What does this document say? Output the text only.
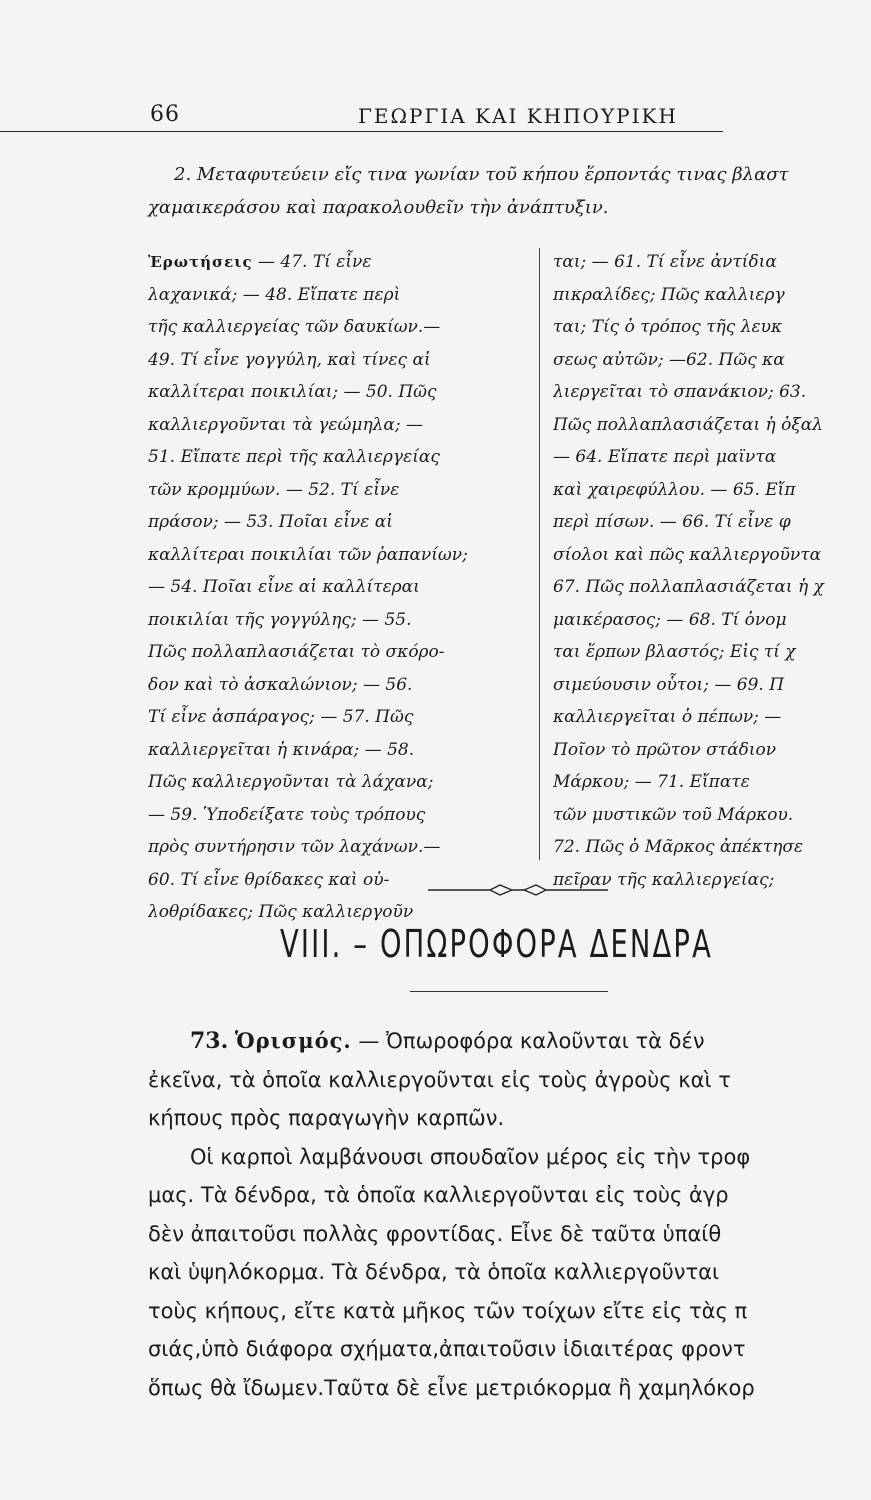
66	ΓΕΩΡΓΙΑ ΚΑΙ ΚΗΠΟΥΡΙΚΗ
2. Μεταφυτεύειν εἴς τινα γωνίαν τοῦ κήπου ἕρποντάς τινας βλαστ
χαμαικεράσου καὶ παρακολουθεῖν τὴν ἀνάπτυξιν.
Ἐρωτήσεις — 47. Τί εἶνε
λαχανικά; — 48. Εἴπατε περὶ
τῆς καλλιεργείας τῶν δαυκίων.—
49. Τί εἶνε γογγύλη, καὶ τίνες αἱ
καλλίτεραι ποικιλίαι; — 50. Πῶς
καλλιεργοῦνται τὰ γεώμηλα; —
51. Εἴπατε περὶ τῆς καλλιεργείας
τῶν κρομμύων. — 52. Τί εἶνε
πράσον; — 53. Ποῖαι εἶνε αἱ
καλλίτεραι ποικιλίαι τῶν ῥαπανίων;
— 54. Ποῖαι εἶνε αἱ καλλίτεραι
ποικιλίαι τῆς γογγύλης; — 55.
Πῶς πολλαπλασιάζεται τὸ σκόρο-
δον καὶ τὸ ἀσκαλώνιον; — 56.
Τί εἶνε ἀσπάραγος; — 57. Πῶς
καλλιεργεῖται ἡ κινάρα; — 58.
Πῶς καλλιεργοῦνται τὰ λάχανα;
— 59. Ὑποδείξατε τοὺς τρόπους
πρὸς συντήρησιν τῶν λαχάνων.—
60. Τί εἶνε θρίδακες καὶ οὐ-
λοθρίδακες; Πῶς καλλιεργοῦν
ται; — 61. Τί εἶνε ἀντίδια
πικραλίδες; Πῶς καλλιεργ
ται; Τίς ὁ τρόπος τῆς λευκ
σεως αὐτῶν; —62. Πῶς κα
λιεργεῖται τὸ σπανάκιον; 63.
Πῶς πολλαπλασιάζεται ἡ ὀξαλ
— 64. Εἴπατε περὶ μαϊντα
καὶ χαιρεφύλλου. — 65. Εἴπ
περὶ πίσων. — 66. Τί εἶνε φ
σίολοι καὶ πῶς καλλιεργοῦντα
67. Πῶς πολλαπλασιάζεται ἡ χ
μαικέρασος; — 68. Τί ὀνομ
ται ἕρπων βλαστός; Εἰς τί χ
σιμεύουσιν οὗτοι; — 69. Π
καλλιεργεῖται ὁ πέπων; —
Ποῖον τὸ πρῶτον στάδιον
Μάρκου; — 71. Εἴπατε
τῶν μυστικῶν τοῦ Μάρκου.
72. Πῶς ὁ Μᾶρκος ἀπέκτησε
πεῖραν τῆς καλλιεργείας;
VIII. – ΟΠΩΡΟΦΟΡΑ ΔΕΝΔΡΑ
73. Ὁρισμός. — Ὀπωροφόρα καλοῦνται τὰ δέν
ἐκεῖνα, τὰ ὁποῖα καλλιεργοῦνται εἰς τοὺς ἀγροὺς καὶ τ
κήπους πρὸς παραγωγὴν καρπῶν.
Οἱ καρποὶ λαμβάνουσι σπουδαῖον μέρος εἰς τὴν τροφ
μας. Τὰ δένδρα, τὰ ὁποῖα καλλιεργοῦνται εἰς τοὺς ἀγρ
δὲν ἀπαιτοῦσι πολλὰς φροντίδας. Εἶνε δὲ ταῦτα ὑπαίθ
καὶ ὑψηλόκορμα. Τὰ δένδρα, τὰ ὁποῖα καλλιεργοῦνται
τοὺς κήπους, εἴτε κατὰ μῆκος τῶν τοίχων εἴτε εἰς τὰς π
σιάς,ὑπὸ διάφορα σχήματα,ἀπαιτοῦσιν ἰδιαιτέρας φροντ
ὅπως θὰ ἴδωμεν.Ταῦτα δὲ εἶνε μετριόκορμα ἢ χαμηλόκορ
